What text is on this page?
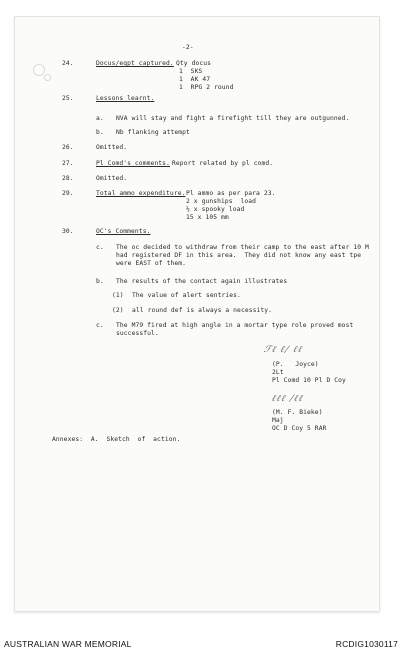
-2-
24.	Docus/eqpt captured. Qty docus
1  SKS
1  AK 47
1  RPG 2 round
25.	Lessons learnt.
a. NVA will stay and fight a firefight till they are outgunned.
b. Nb flanking attempt
26.	Omitted.
27.	Pl Comd's comments. Report related by pl comd.
28.	Omitted.
29.	Total ammo expenditure. Pl ammo as per para 23.
2 x gunships  load
½ x spooky load
15 x 105 mm
30.	OC's Comments.
c. The oc decided to withdraw from their camp to the east after 10 M
had registered DF in this area.  They did not know any east tpe
were EAST of them.
b. The results of the contact again illustrates
(1) The value of alert sentries.
(2) all round def is always a necessity.
c. The M79 fired at high angle in a mortar type role proved most
successful.
ℱℓ ℓ/ ℓℓ
(P.   Joyce)
2Lt
Pl Comd 10 Pl D Coy
ℓℓℓ /ℓℓ
(M. F. Bieke)
Maj
OC D Coy 5 RAR
Annexes:  A.  Sketch  of  action.
AUSTRALIAN WAR MEMORIAL	RCDIG1030117
